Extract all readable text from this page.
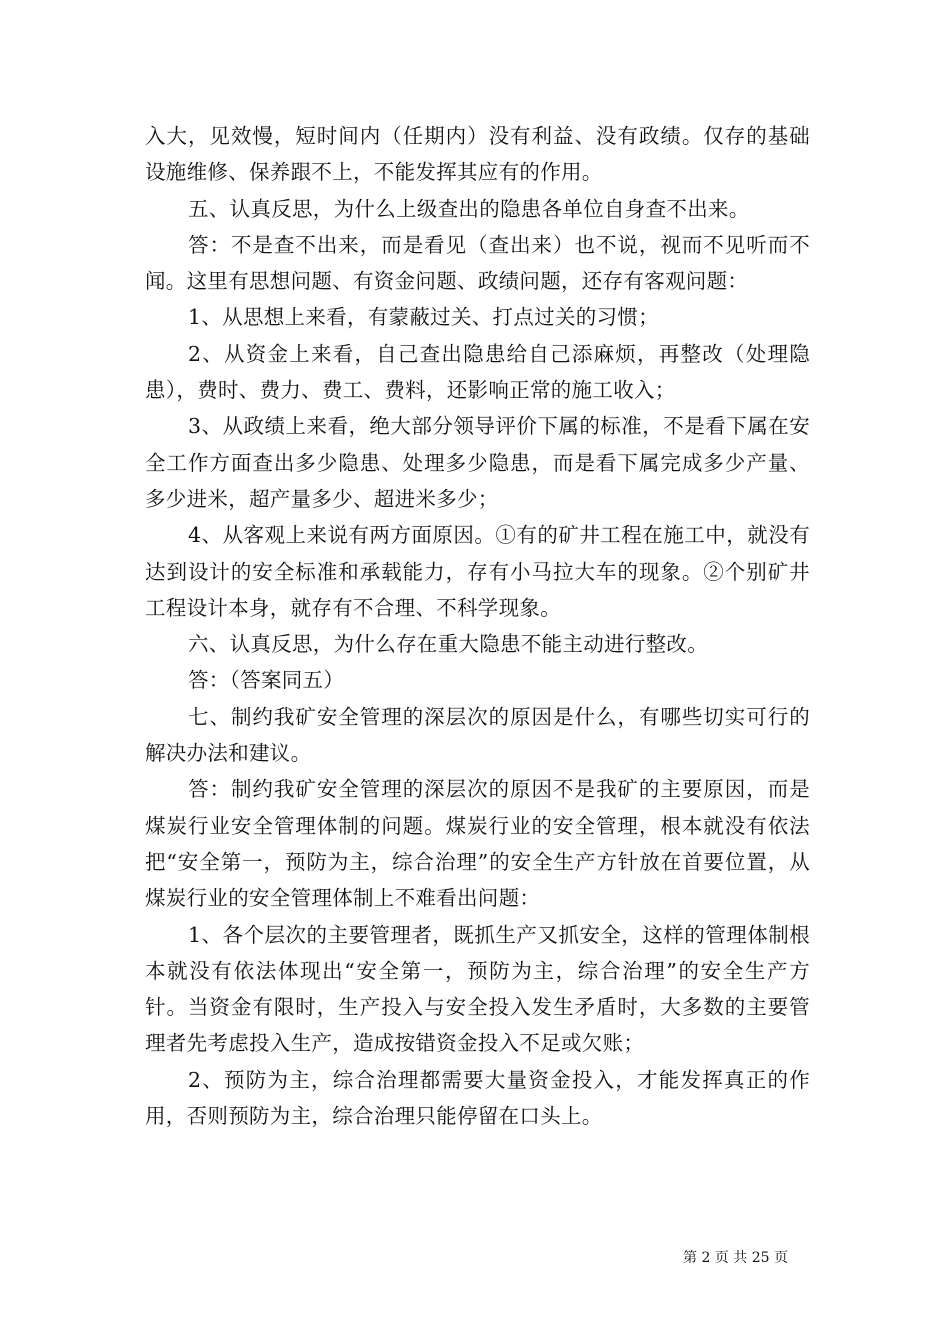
入大，见效慢，短时间内（任期内）没有利益、没有政绩。仅存的基础设施维修、保养跟不上，不能发挥其应有的作用。

五、认真反思，为什么上级查出的隐患各单位自身查不出来。

答：不是查不出来，而是看见（查出来）也不说，视而不见听而不闻。这里有思想问题、有资金问题、政绩问题，还存有客观问题：

1、从思想上来看，有蒙蔽过关、打点过关的习惯；

2、从资金上来看，自己查出隐患给自己添麻烦，再整改（处理隐患），费时、费力、费工、费料，还影响正常的施工收入；

3、从政绩上来看，绝大部分领导评价下属的标准，不是看下属在安全工作方面查出多少隐患、处理多少隐患，而是看下属完成多少产量、多少进米，超产量多少、超进米多少；

4、从客观上来说有两方面原因。①有的矿井工程在施工中，就没有达到设计的安全标准和承载能力，存有小马拉大车的现象。②个别矿井工程设计本身，就存有不合理、不科学现象。

六、认真反思，为什么存在重大隐患不能主动进行整改。

答：（答案同五）

七、制约我矿安全管理的深层次的原因是什么，有哪些切实可行的解决办法和建议。

答：制约我矿安全管理的深层次的原因不是我矿的主要原因，而是煤炭行业安全管理体制的问题。煤炭行业的安全管理，根本就没有依法把“安全第一，预防为主，综合治理”的安全生产方针放在首要位置，从煤炭行业的安全管理体制上不难看出问题：

1、各个层次的主要管理者，既抓生产又抓安全，这样的管理体制根本就没有依法体现出“安全第一，预防为主，综合治理”的安全生产方针。当资金有限时，生产投入与安全投入发生矛盾时，大多数的主要管理者先考虑投入生产，造成按错资金投入不足或欠账；

2、预防为主，综合治理都需要大量资金投入，才能发挥真正的作用，否则预防为主，综合治理只能停留在口头上。

第 2 页 共 25 页
